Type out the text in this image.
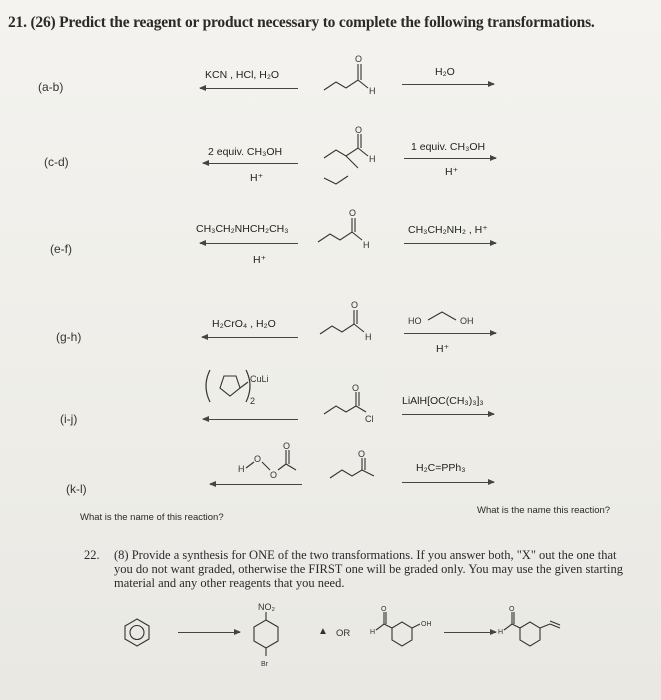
21. (26) Predict the reagent or product necessary to complete the following transformations.
(a-b)
KCN , HCl, H₂O
O
H
H₂O
(c-d)
2 equiv. CH₃OH
H⁺
O
H
1 equiv. CH₃OH
H⁺
(e-f)
CH₃CH₂NHCH₂CH₃
H⁺
O
H
CH₃CH₂NH₂ , H⁺
(g-h)
H₂CrO₄ , H₂O
O
H
HO	OH
H⁺
(i-j)
CuLi
2
O
Cl
LiAlH[OC(CH₃)₃]₃
(k-l)
H
O
O
O
O
H₂C=PPh₃
What is the name of this reaction?
What is the name this reaction?
22.	(8) Provide a synthesis for ONE of the two transformations. If you answer both, "X" out the one that you do not want graded, otherwise the FIRST one will be graded only. You may use the given starting material and any other reagents that you need.
NO₂
Br
▲ OR	H
O
OH
H
O
